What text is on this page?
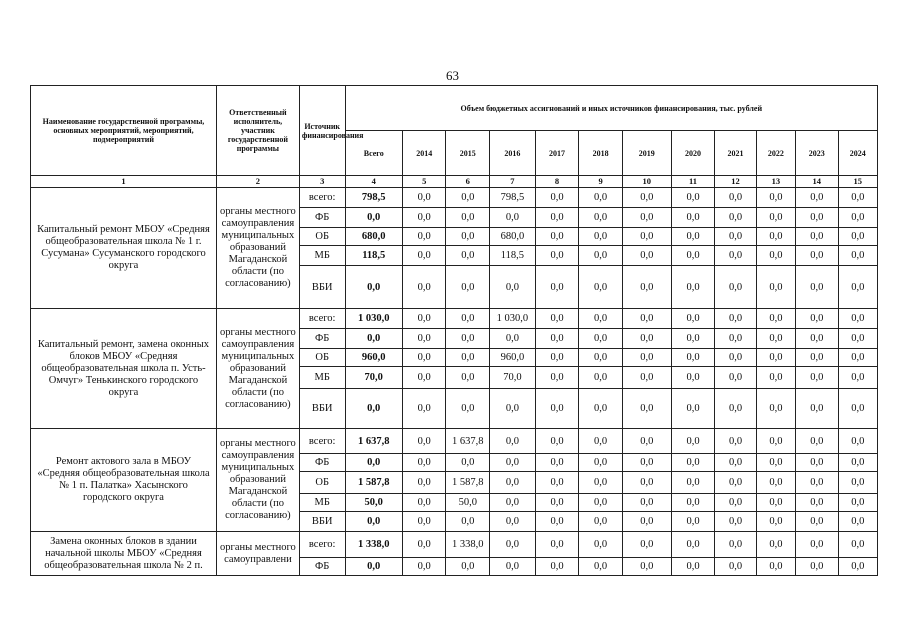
63
Наименование государственной программы, основных мероприятий, мероприятий, подмероприятий	Ответственный исполнитель, участник государственной программы	Источник финансирования	Объем бюджетных ассигнований и иных источников финансирования, тыс. рублей											
			Всего	2014	2015	2016	2017	2018	2019	2020	2021	2022	2023	2024
1	2	3	4	5	6	7	8	9	10	11	12	13	14	15
Капитальный ремонт МБОУ «Средняя общеобразовательная школа № 1 г. Сусумана» Сусуманского городского округа	органы местного самоуправления муниципальных образований Магаданской области (по согласованию)	всего:	798,5	0,0	0,0	798,5	0,0	0,0	0,0	0,0	0,0	0,0	0,0	0,0
		ФБ	0,0	0,0	0,0	0,0	0,0	0,0	0,0	0,0	0,0	0,0	0,0	0,0
		ОБ	680,0	0,0	0,0	680,0	0,0	0,0	0,0	0,0	0,0	0,0	0,0	0,0
		МБ	118,5	0,0	0,0	118,5	0,0	0,0	0,0	0,0	0,0	0,0	0,0	0,0
		ВБИ	0,0	0,0	0,0	0,0	0,0	0,0	0,0	0,0	0,0	0,0	0,0	0,0
Капитальный ремонт, замена оконных блоков МБОУ «Средняя общеобразовательная школа п. Усть-Омчуг» Тенькинского городского округа	органы местного самоуправления муниципальных образований Магаданской области (по согласованию)	всего:	1 030,0	0,0	0,0	1 030,0	0,0	0,0	0,0	0,0	0,0	0,0	0,0	0,0
		ФБ	0,0	0,0	0,0	0,0	0,0	0,0	0,0	0,0	0,0	0,0	0,0	0,0
		ОБ	960,0	0,0	0,0	960,0	0,0	0,0	0,0	0,0	0,0	0,0	0,0	0,0
		МБ	70,0	0,0	0,0	70,0	0,0	0,0	0,0	0,0	0,0	0,0	0,0	0,0
		ВБИ	0,0	0,0	0,0	0,0	0,0	0,0	0,0	0,0	0,0	0,0	0,0	0,0
Ремонт актового зала в МБОУ «Средняя общеобразовательная школа № 1 п. Палатка» Хасынского городского округа	органы местного самоуправления муниципальных образований Магаданской области (по согласованию)	всего:	1 637,8	0,0	1 637,8	0,0	0,0	0,0	0,0	0,0	0,0	0,0	0,0	0,0
		ФБ	0,0	0,0	0,0	0,0	0,0	0,0	0,0	0,0	0,0	0,0	0,0	0,0
		ОБ	1 587,8	0,0	1 587,8	0,0	0,0	0,0	0,0	0,0	0,0	0,0	0,0	0,0
		МБ	50,0	0,0	50,0	0,0	0,0	0,0	0,0	0,0	0,0	0,0	0,0	0,0
		ВБИ	0,0	0,0	0,0	0,0	0,0	0,0	0,0	0,0	0,0	0,0	0,0	0,0
Замена оконных блоков в здании начальной школы МБОУ «Средняя общеобразовательная школа № 2 п.	органы местного самоуправлени	всего:	1 338,0	0,0	1 338,0	0,0	0,0	0,0	0,0	0,0	0,0	0,0	0,0	0,0
		ФБ	0,0	0,0	0,0	0,0	0,0	0,0	0,0	0,0	0,0	0,0	0,0	0,0
